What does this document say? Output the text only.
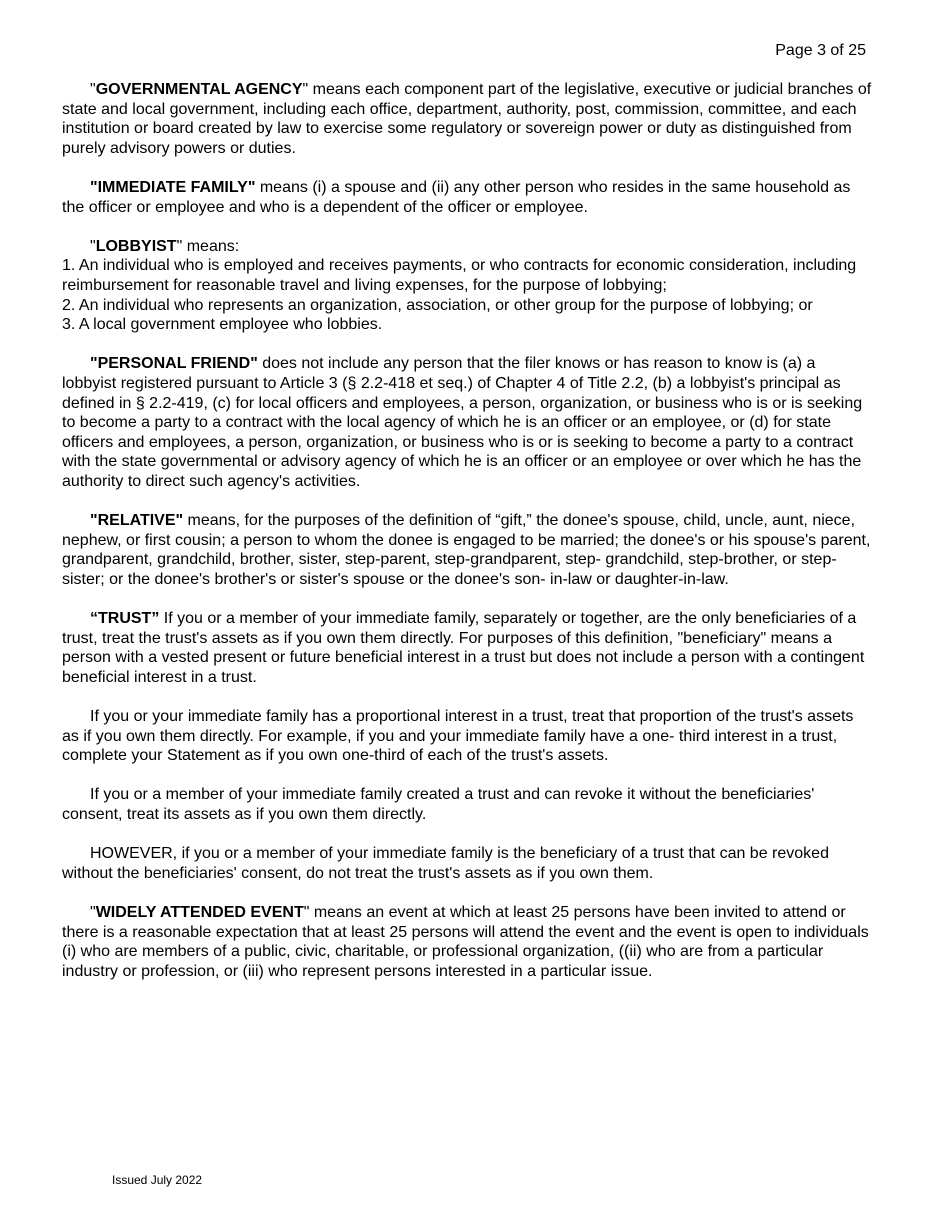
Page 3 of 25

"GOVERNMENTAL AGENCY" means each component part of the legislative, executive or judicial branches of state and local government, including each office, department, authority, post, commission, committee, and each institution or board created by law to exercise some regulatory or sovereign power or duty as distinguished from purely advisory powers or duties.

"IMMEDIATE FAMILY" means (i) a spouse and (ii) any other person who resides in the same household as the officer or employee and who is a dependent of the officer or employee.

"LOBBYIST" means:

1. An individual who is employed and receives payments, or who contracts for economic consideration, including reimbursement for reasonable travel and living expenses, for the purpose of lobbying;

2. An individual who represents an organization, association, or other group for the purpose of lobbying; or

3. A local government employee who lobbies.

"PERSONAL FRIEND" does not include any person that the filer knows or has reason to know is (a) a lobbyist registered pursuant to Article 3 (§ 2.2-418 et seq.) of Chapter 4 of Title 2.2, (b) a lobbyist's principal as defined in § 2.2-419, (c) for local officers and employees, a person, organization, or business who is or is seeking to become a party to a contract with the local agency of which he is an officer or an employee, or (d) for state officers and employees, a person, organization, or business who is or is seeking to become a party to a contract with the state governmental or advisory agency of which he is an officer or an employee or over which he has the authority to direct such agency's activities.

"RELATIVE" means, for the purposes of the definition of “gift,” the donee's spouse, child, uncle, aunt, niece, nephew, or first cousin; a person to whom the donee is engaged to be married; the donee's or his spouse's parent, grandparent, grandchild, brother, sister, step-parent, step-grandparent, step- grandchild, step-brother, or step-sister; or the donee's brother's or sister's spouse or the donee's son- in-law or daughter-in-law.

“TRUST” If you or a member of your immediate family, separately or together, are the only beneficiaries of a trust, treat the trust's assets as if you own them directly. For purposes of this definition, "beneficiary" means a person with a vested present or future beneficial interest in a trust but does not include a person with a contingent beneficial interest in a trust.

If you or your immediate family has a proportional interest in a trust, treat that proportion of the trust's assets as if you own them directly. For example, if you and your immediate family have a one- third interest in a trust, complete your Statement as if you own one-third of each of the trust's assets.

If you or a member of your immediate family created a trust and can revoke it without the beneficiaries' consent, treat its assets as if you own them directly.

HOWEVER, if you or a member of your immediate family is the beneficiary of a trust that can be revoked without the beneficiaries' consent, do not treat the trust's assets as if you own them.

"WIDELY ATTENDED EVENT" means an event at which at least 25 persons have been invited to attend or there is a reasonable expectation that at least 25 persons will attend the event and the event is open to individuals (i) who are members of a public, civic, charitable, or professional organization, ((ii) who are from a particular industry or profession, or (iii) who represent persons interested in a particular issue.

Issued July 2022
